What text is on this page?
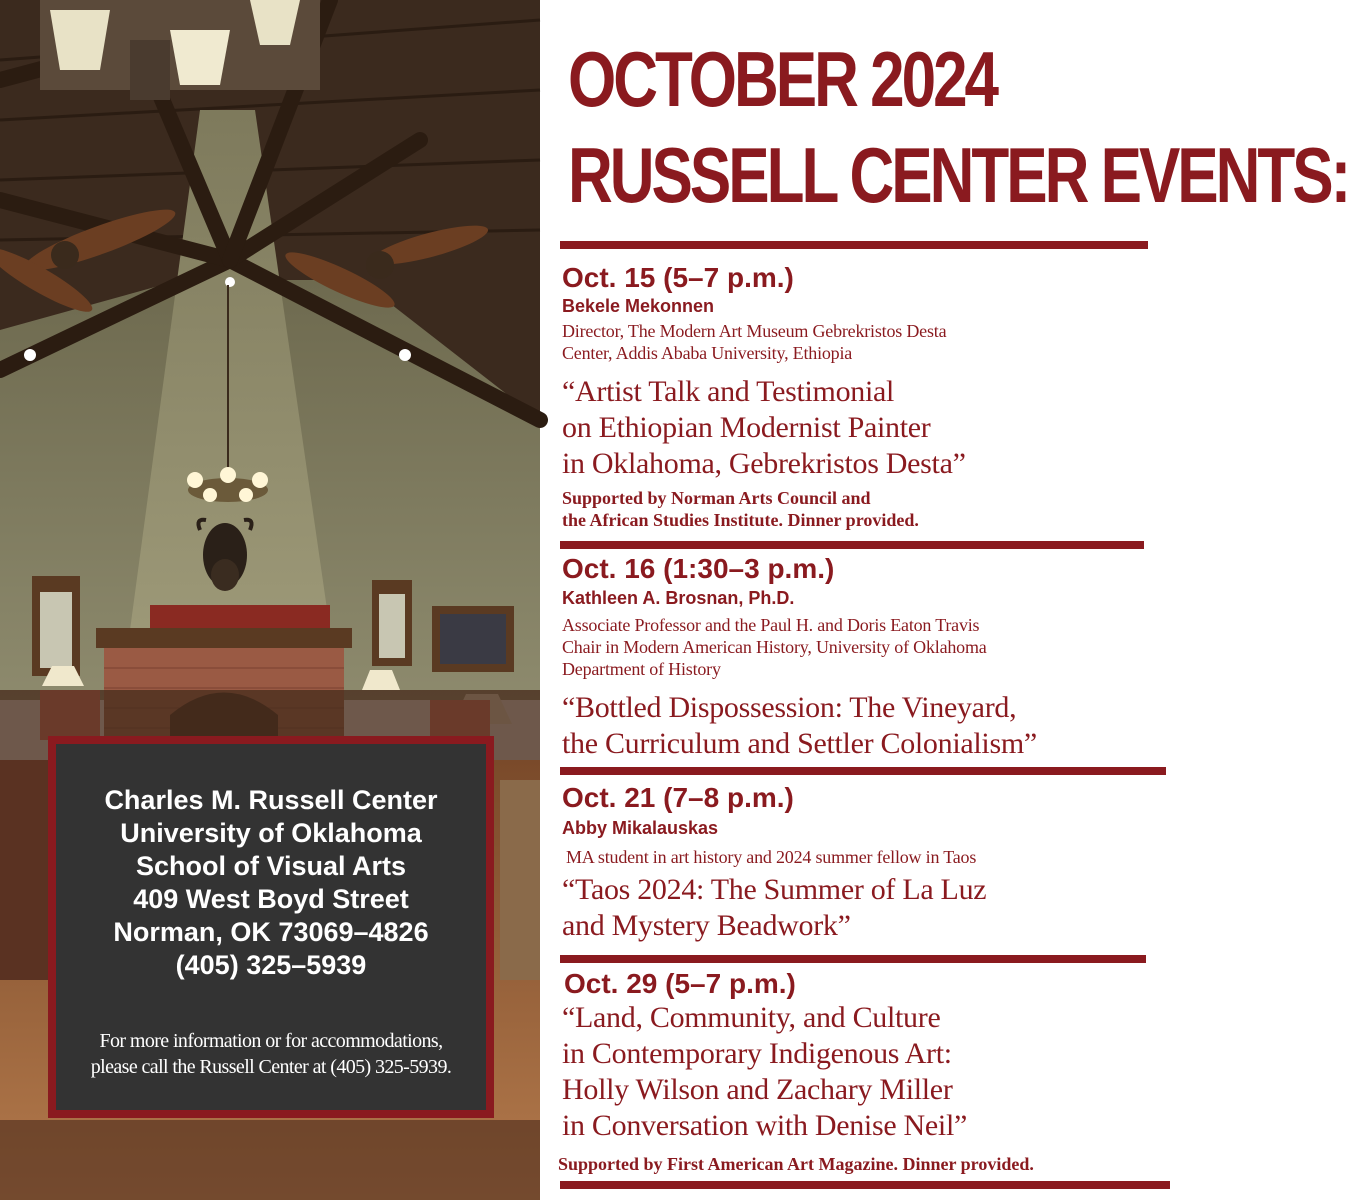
Charles M. Russell Center
University of Oklahoma
School of Visual Arts
409 West Boyd Street
Norman, OK 73069–4826
(405) 325–5939
For more information or for accommodations,
please call the Russell Center at (405) 325-5939.
OCTOBER 2024
RUSSELL CENTER EVENTS:
Oct. 15 (5–7 p.m.)
Bekele Mekonnen
Director, The Modern Art Museum Gebrekristos Desta
Center, Addis Ababa University, Ethiopia
“Artist Talk and Testimonial
on Ethiopian Modernist Painter
in Oklahoma, Gebrekristos Desta”
Supported by Norman Arts Council and
the African Studies Institute. Dinner provided.
Oct. 16 (1:30–3 p.m.)
Kathleen A. Brosnan, Ph.D.
Associate Professor and the Paul H. and Doris Eaton Travis
Chair in Modern American History, University of Oklahoma
Department of History
“Bottled Dispossession: The Vineyard,
the Curriculum and Settler Colonialism”
Oct. 21 (7–8 p.m.)
Abby Mikalauskas
MA student in art history and 2024 summer fellow in Taos
“Taos 2024: The Summer of La Luz
and Mystery Beadwork”
Oct. 29 (5–7 p.m.)
“Land, Community, and Culture
in Contemporary Indigenous Art:
Holly Wilson and Zachary Miller
in Conversation with Denise Neil”
Supported by First American Art Magazine. Dinner provided.
